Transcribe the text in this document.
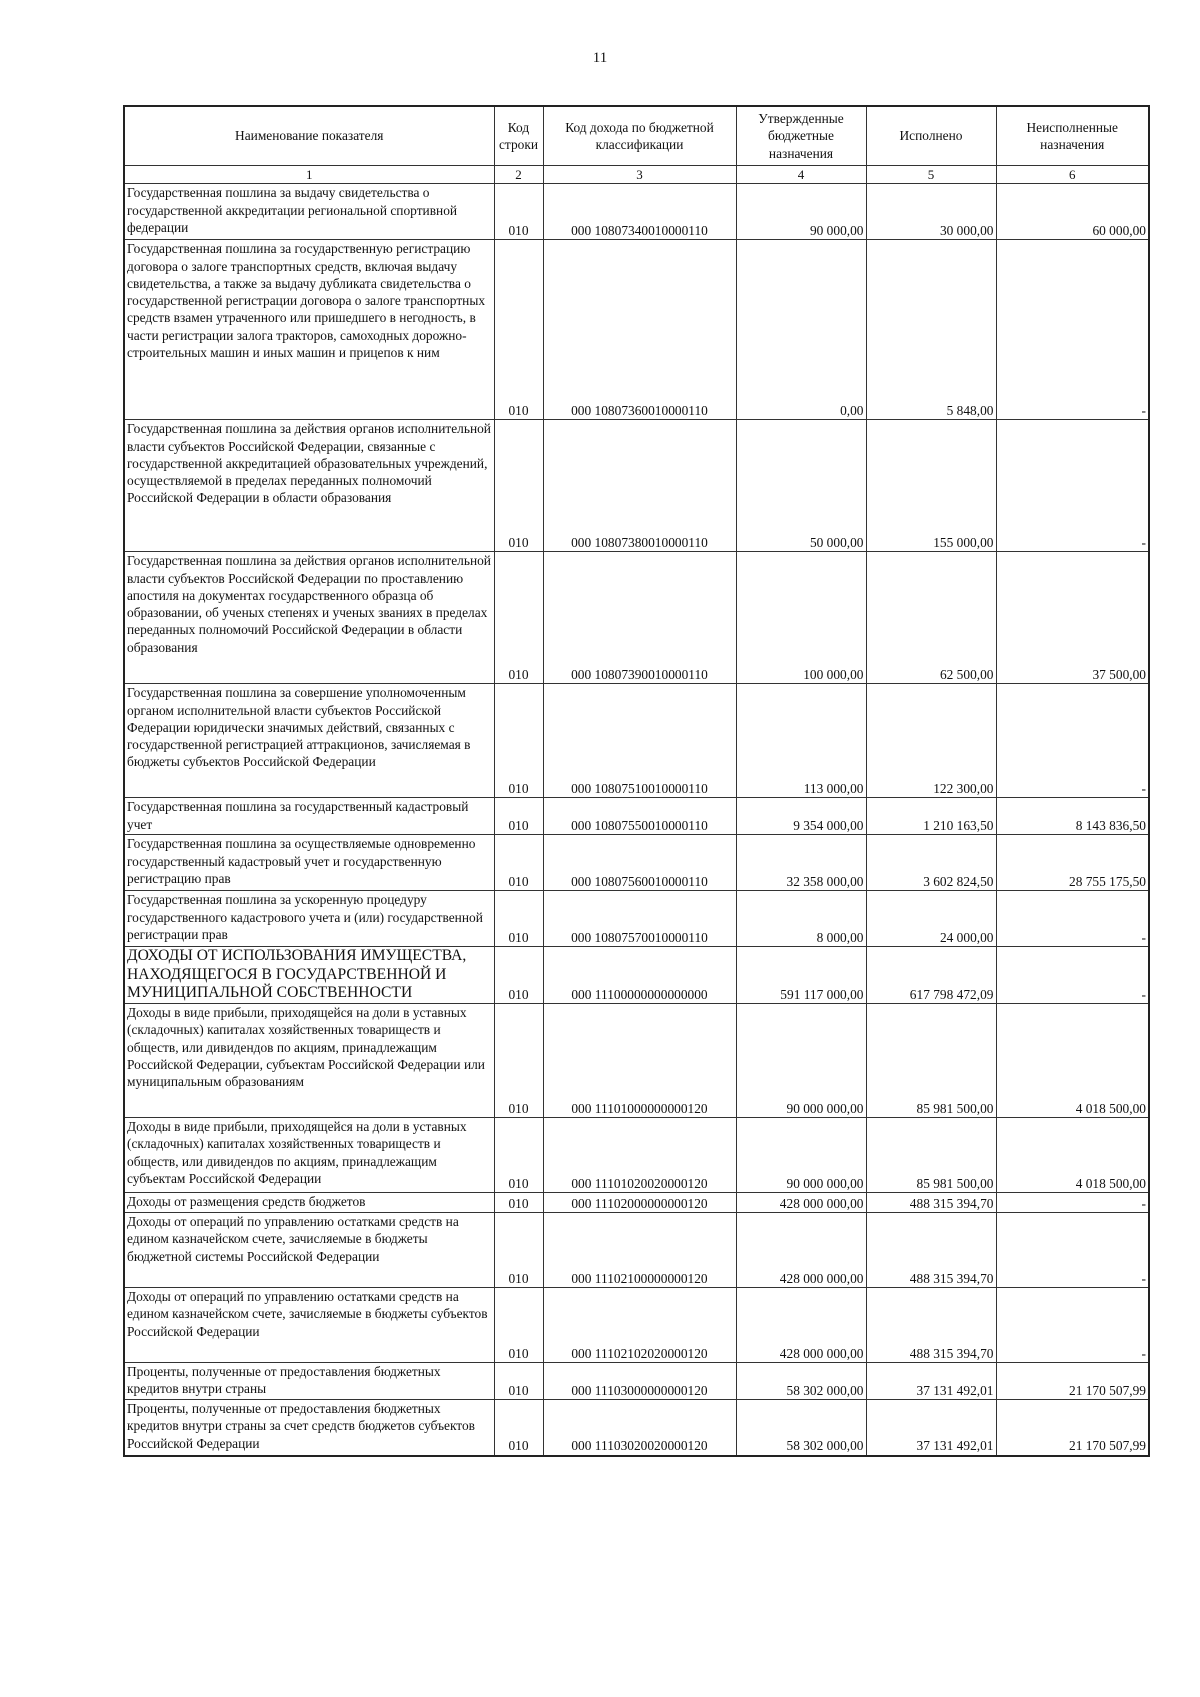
11
Наименование показателя	Код строки	Код дохода по бюджетной классификации	Утвержденные бюджетные назначения	Исполнено	Неисполненные назначения
1	2	3	4	5	6
Государственная пошлина за выдачу свидетельства о государственной аккредитации региональной спортивной федерации	010	000 10807340010000110	90 000,00	30 000,00	60 000,00
Государственная пошлина за государственную регистрацию договора о залоге транспортных средств, включая выдачу свидетельства, а также за выдачу дубликата свидетельства о государственной регистрации договора о залоге транспортных средств взамен утраченного или пришедшего в негодность, в части регистрации залога тракторов, самоходных дорожно-строительных машин и иных машин и прицепов к ним	010	000 10807360010000110	0,00	5 848,00	-
Государственная пошлина за действия органов исполнительной власти субъектов Российской Федерации, связанные с государственной аккредитацией образовательных учреждений, осуществляемой в пределах переданных полномочий Российской Федерации в области образования	010	000 10807380010000110	50 000,00	155 000,00	-
Государственная пошлина за действия органов исполнительной власти субъектов Российской Федерации по проставлению апостиля на документах государственного образца об образовании, об ученых степенях и ученых званиях в пределах переданных полномочий Российской Федерации в области образования	010	000 10807390010000110	100 000,00	62 500,00	37 500,00
Государственная пошлина за совершение уполномоченным органом исполнительной власти субъектов Российской Федерации юридически значимых действий, связанных с государственной регистрацией аттракционов, зачисляемая в бюджеты субъектов Российской Федерации	010	000 10807510010000110	113 000,00	122 300,00	-
Государственная пошлина за государственный кадастровый учет	010	000 10807550010000110	9 354 000,00	1 210 163,50	8 143 836,50
Государственная пошлина за осуществляемые одновременно государственный кадастровый учет и государственную регистрацию прав	010	000 10807560010000110	32 358 000,00	3 602 824,50	28 755 175,50
Государственная пошлина за ускоренную процедуру государственного кадастрового учета и (или) государственной регистрации прав	010	000 10807570010000110	8 000,00	24 000,00	-
ДОХОДЫ ОТ ИСПОЛЬЗОВАНИЯ ИМУЩЕСТВА, НАХОДЯЩЕГОСЯ В ГОСУДАРСТВЕННОЙ И МУНИЦИПАЛЬНОЙ СОБСТВЕННОСТИ	010	000 11100000000000000	591 117 000,00	617 798 472,09	-
Доходы в виде прибыли, приходящейся на доли в уставных (складочных) капиталах хозяйственных товариществ и обществ, или дивидендов по акциям, принадлежащим Российской Федерации, субъектам Российской Федерации или муниципальным образованиям	010	000 11101000000000120	90 000 000,00	85 981 500,00	4 018 500,00
Доходы в виде прибыли, приходящейся на доли в уставных (складочных) капиталах хозяйственных товариществ и обществ, или дивидендов по акциям, принадлежащим субъектам Российской Федерации	010	000 11101020020000120	90 000 000,00	85 981 500,00	4 018 500,00
Доходы от размещения средств бюджетов	010	000 11102000000000120	428 000 000,00	488 315 394,70	-
Доходы от операций по управлению остатками средств на едином казначейском счете, зачисляемые в бюджеты бюджетной системы Российской Федерации	010	000 11102100000000120	428 000 000,00	488 315 394,70	-
Доходы от операций по управлению остатками средств на едином казначейском счете, зачисляемые в бюджеты субъектов Российской Федерации	010	000 11102102020000120	428 000 000,00	488 315 394,70	-
Проценты, полученные от предоставления бюджетных кредитов внутри страны	010	000 11103000000000120	58 302 000,00	37 131 492,01	21 170 507,99
Проценты, полученные от предоставления бюджетных кредитов внутри страны за счет средств бюджетов субъектов Российской Федерации	010	000 11103020020000120	58 302 000,00	37 131 492,01	21 170 507,99
